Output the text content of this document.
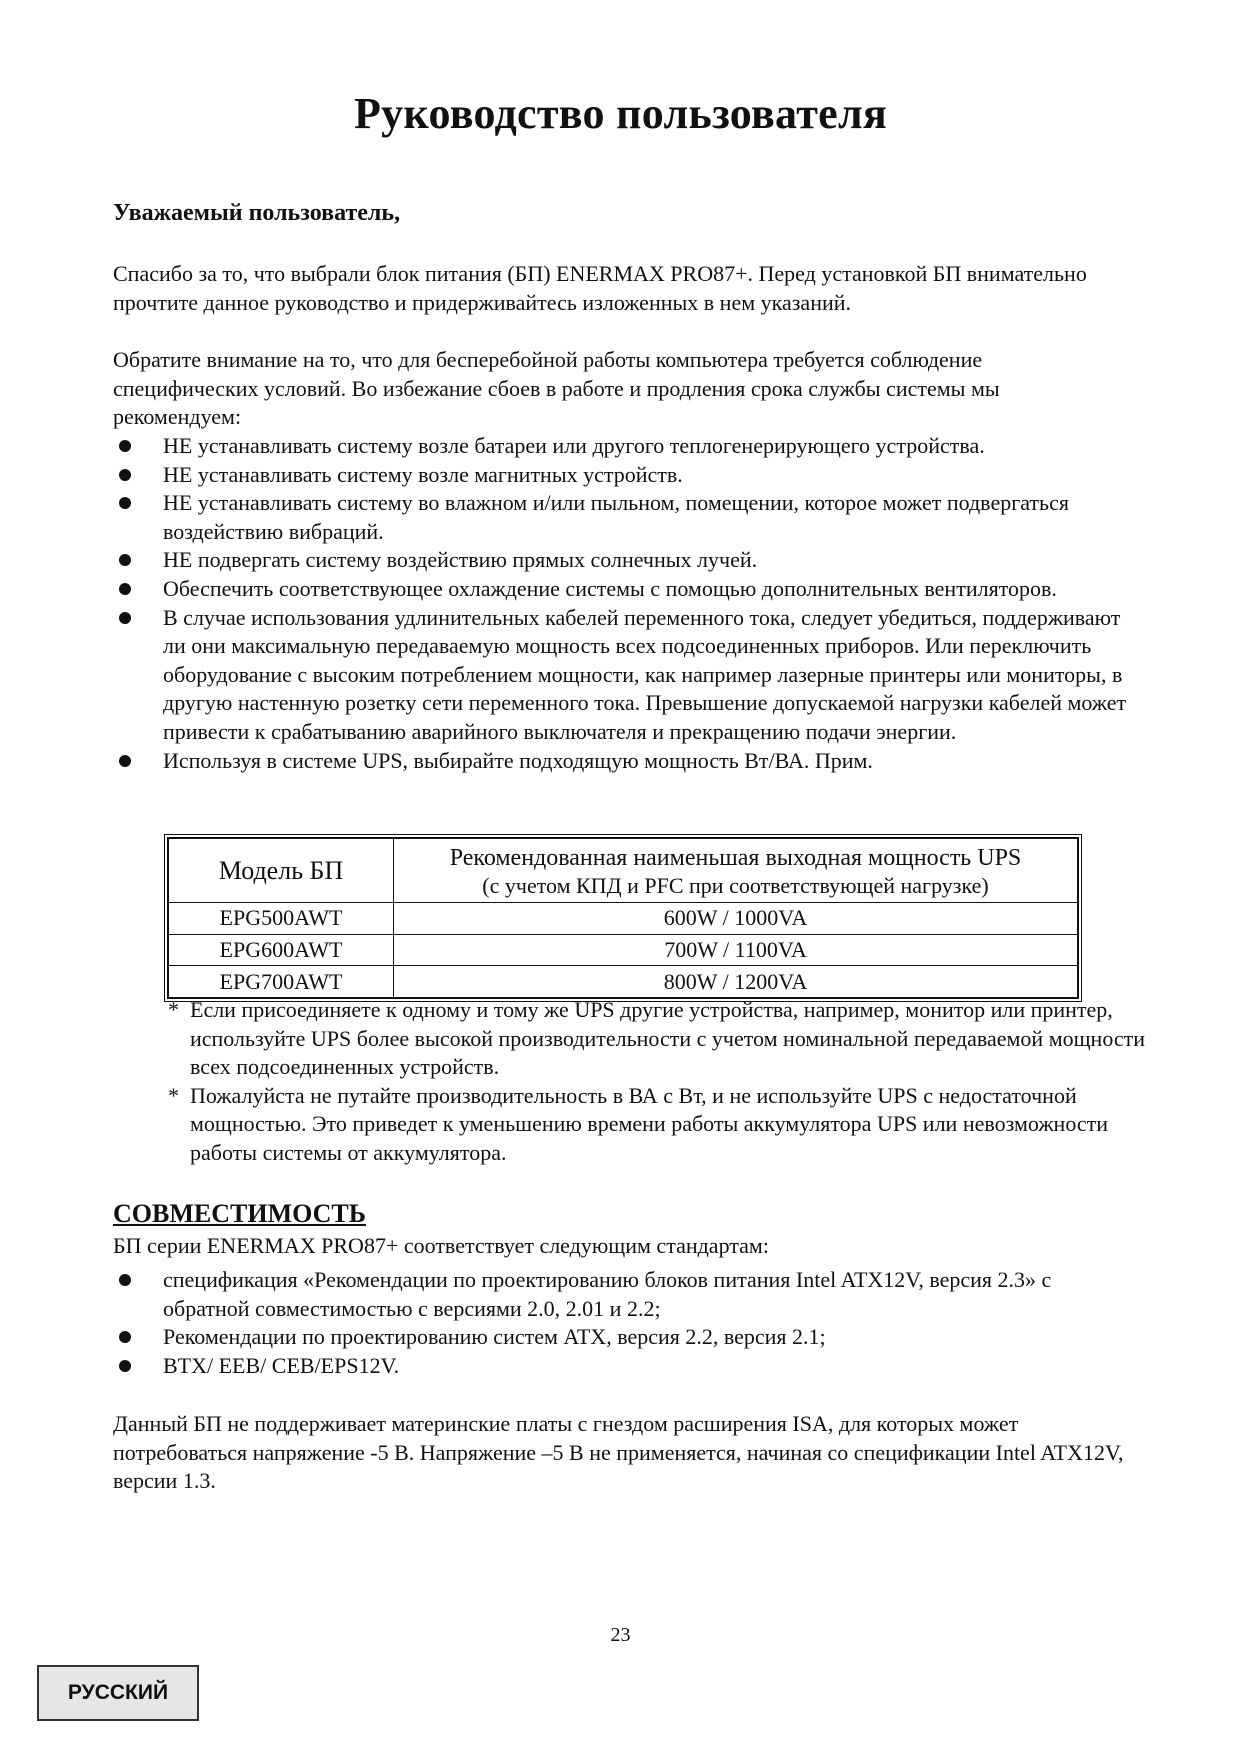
Руководство пользователя
Уважаемый пользователь,
Спасибо за то, что выбрали блок питания (БП) ENERMAX PRO87+. Перед установкой БП внимательно прочтите данное руководство и придерживайтесь изложенных в нем указаний.
Обратите внимание на то, что для бесперебойной работы компьютера требуется соблюдение специфических условий. Во избежание сбоев в работе и продления срока службы системы мы рекомендуем:
НЕ устанавливать систему возле батареи или другого теплогенерирующего устройства.
НЕ устанавливать систему возле магнитных устройств.
НЕ устанавливать систему во влажном и/или пыльном, помещении, которое может подвергаться воздействию вибраций.
НЕ подвергать систему воздействию прямых солнечных лучей.
Обеспечить соответствующее охлаждение системы с помощью дополнительных вентиляторов.
В случае использования удлинительных кабелей переменного тока, следует убедиться, поддерживают ли они максимальную передаваемую мощность всех подсоединенных приборов. Или переключить оборудование с высоким потреблением мощности, как например лазерные принтеры или мониторы, в другую настенную розетку сети переменного тока. Превышение допускаемой нагрузки кабелей может привести к срабатыванию аварийного выключателя и прекращению подачи энергии.
Используя в системе UPS, выбирайте подходящую мощность Вт/ВА. Прим.
Модель БП	Рекомендованная наименьшая выходная мощность UPS
(с учетом КПД и PFC при соответствующей нагрузке)

EPG500AWT	600W / 1000VA
EPG600AWT	700W / 1100VA
EPG700AWT	800W / 1200VA
* Если присоединяете к одному и тому же UPS другие устройства, например, монитор или принтер, используйте UPS более высокой производительности с учетом номинальной передаваемой мощности всех подсоединенных устройств.
* Пожалуйста не путайте производительность в ВА с Вт, и не используйте UPS с недостаточной мощностью. Это приведет к уменьшению времени работы аккумулятора UPS или невозможности работы системы от аккумулятора.
СОВМЕСТИМОСТЬ
БП серии ENERMAX PRO87+ соответствует следующим стандартам:
спецификация «Рекомендации по проектированию блоков питания Intel ATX12V, версия 2.3» с обратной совместимостью с версиями 2.0, 2.01 и 2.2;
Рекомендации по проектированию систем ATX, версия 2.2, версия 2.1;
BTX/ EEB/ CEB/EPS12V.
Данный БП не поддерживает материнские платы с гнездом расширения ISA, для которых может потребоваться напряжение -5 В. Напряжение –5 В не применяется, начиная со спецификации Intel ATX12V, версии 1.3.
23
РУССКИЙ
